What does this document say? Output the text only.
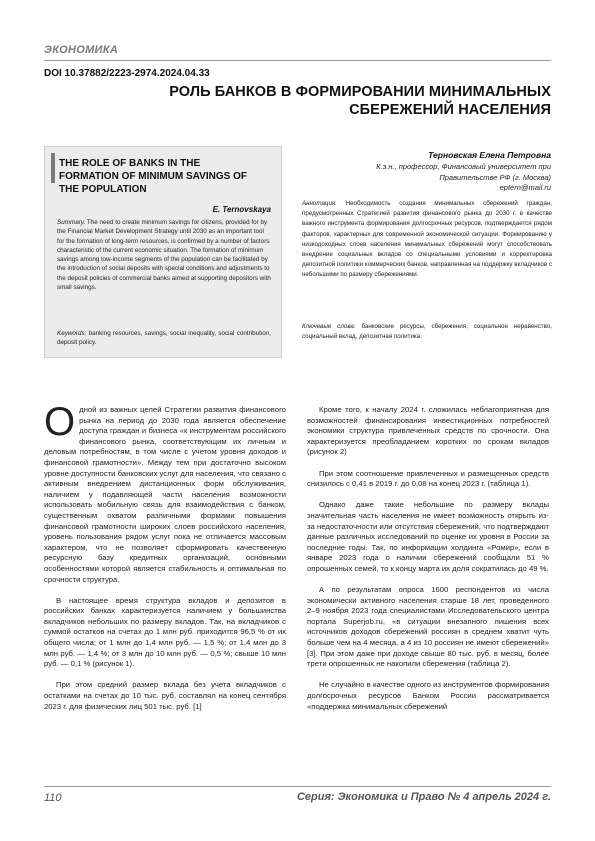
ЭКОНОМИКА
DOI 10.37882/2223-2974.2024.04.33
РОЛЬ БАНКОВ В ФОРМИРОВАНИИ МИНИМАЛЬНЫХ СБЕРЕЖЕНИЙ НАСЕЛЕНИЯ
THE ROLE OF BANKS IN THE FORMATION OF MINIMUM SAVINGS OF THE POPULATION
E. Ternovskaya
Summary. The need to create minimum savings for citizens, provided for by the Financial Market Development Strategy until 2030 as an important tool for the formation of long-term resources, is confirmed by a number of factors characteristic of the current economic situation. The formation of minimum savings among low-income segments of the population can be facilitated by the introduction of social deposits with special conditions and adjustments to the deposit policies of commercial banks aimed at supporting depositors with small savings.
Keywords: banking resources, savings, social inequality, social contribution, deposit policy.
Терновская Елена Петровна
К.э.н., профессор, Финансовый университет при Правительстве РФ (г. Москва)
eptern@mail.ru
Аннотация. Необходимость создания минимальных сбережений граждан, предусмотренных Стратегией развития финансового рынка до 2030 г. в качестве важного инструмента формирования долгосрочных ресурсов, подтверждается рядом факторов, характерных для современной экономической ситуации. Формированию у низкодоходных слоев населения минимальных сбережений могут способствовать внедрение социальных вкладов со специальными условиями и корректировка депозитной политики коммерческих банков, направленная на поддержку вкладчиков с небольшими по размеру сбережениями.
Ключевые слова: банковские ресурсы, сбережения, социальное неравенство, социальный вклад, депозитная политика.

Одной из важных целей Стратегии развития финансового рынка на период до 2030 года является обеспечение доступа граждан и бизнеса «к инструментам российского финансового рынка, соответствующим их личным и деловым потребностям, в том числе с учетом уровня доходов и финансовой грамотности». Между тем при достаточно высоком уровне доступности банковских услуг для населения, что связано с активным внедрением дистанционных форм обслуживания, наличием у подавляющей части населения возможности использовать мобильную связь для взаимодействия с банком, существенным охватом различными формами повышения финансовой грамотности широких слоев российского населения, уровень пользования рядом услуг пока не отличается массовым характером, что не позволяет сформировать качественную ресурсную базу кредитных организаций, основными особенностями которой является стабильность и оптимальная по срочности структура.

В настоящее время структура вкладов и депозитов в российских банках характеризуется наличием у большинства вкладчиков небольших по размеру вкладов. Так, на вкладчиков с суммой остатков на счетах до 1 млн руб. приходится 96,5 % от их общего числа; от 1 млн до 1,4 млн руб. — 1,5 %; от 1,4 млн до 3 млн руб. — 1,4 %; от 3 млн до 10 млн руб. — 0,5 %; свыше 10 млн руб. — 0,1 % (рисунок 1).

При этом средний размер вклада без учета вкладчиков с остатками на счетах до 10 тыс. руб. составлял на конец сентября 2023 г. для физических лиц 501 тыс. руб. [1]

Кроме того, к началу 2024 г. сложилась неблагоприятная для возможностей финансирования инвестиционных потребностей экономики структура привлеченных средств по срочности. Она характеризуется преобладанием коротких по срокам вкладов (рисунок 2)

При этом соотношение привлеченных и размещенных средств снизилось с 0,41 в 2019 г. до 0,08 на конец 2023 г. (таблица 1).

Однако даже такие небольшие по размеру вклады значительная часть населения не имеет возможность открыть из-за недостаточности или отсутствия сбережений, что подтверждают данные различных исследований по оценке их уровня в России за последние годы. Так, по информации холдинга «Ромир», если в январе 2023 года о наличии сбережений сообщали 51 % опрошенных семей, то к концу марта их доля сократилась до 49 %.

А по результатам опроса 1600 респондентов из числа экономически активного населения старше 18 лет, проведенного 2–9 ноября 2023 года специалистами Исследовательского центра портала Superjob.ru, «в ситуации внезапного лишения всех источников доходов сбережений россиян в среднем хватит чуть больше чем на 4 месяца, а 4 из 10 россиян не имеют сбережений» [3]. При этом даже при доходе свыше 80 тыс. руб. в месяц, более трети опрошенных не накопили сбережения (таблица 2).

Не случайно в качестве одного из инструментов формирования долгосрочных ресурсов Банком России рассматривается «поддержка минимальных сбережений

110	Серия: Экономика и Право № 4 апрель 2024 г.
